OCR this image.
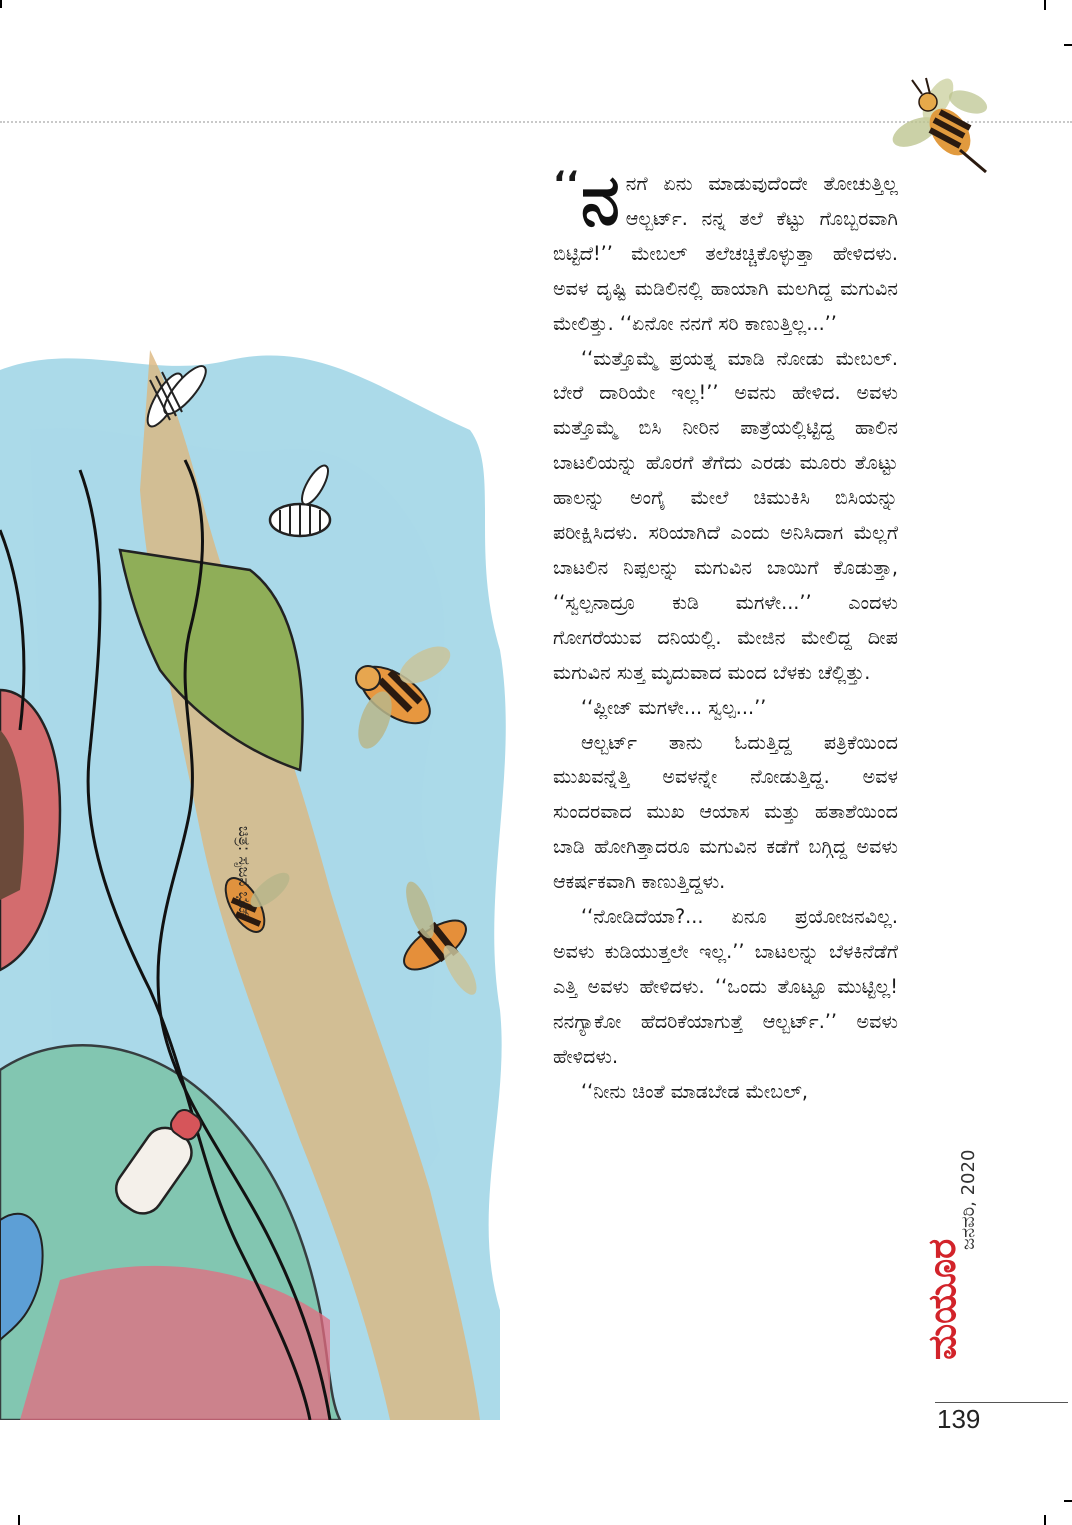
ಚಿತ್ರ: ಸೃಜನ ಭಟ್

‘‘ ನ ನಗೆ ಏನು ಮಾಡುವುದೆಂದೇ ತೋಚುತ್ತಿಲ್ಲ ಆಲ್ಬರ್ಟ್. ನನ್ನ ತಲೆ ಕೆಟ್ಟು ಗೊಬ್ಬರವಾಗಿ ಬಿಟ್ಟಿದೆ!’’ ಮೇಬಲ್ ತಲೆಚಚ್ಚಿಕೊಳ್ಳುತ್ತಾ ಹೇಳಿದಳು. ಅವಳ ದೃಷ್ಟಿ ಮಡಿಲಿನಲ್ಲಿ ಹಾಯಾಗಿ ಮಲಗಿದ್ದ ಮಗುವಿನ ಮೇಲಿತ್ತು. ‘‘ಏನೋ ನನಗೆ ಸರಿ ಕಾಣುತ್ತಿಲ್ಲ...’’

‘‘ಮತ್ತೊಮ್ಮೆ ಪ್ರಯತ್ನ ಮಾಡಿ ನೋಡು ಮೇಬಲ್. ಬೇರೆ ದಾರಿಯೇ ಇಲ್ಲ!’’ ಅವನು ಹೇಳಿದ. ಅವಳು ಮತ್ತೊಮ್ಮೆ ಬಿಸಿ ನೀರಿನ ಪಾತ್ರೆಯಲ್ಲಿಟ್ಟಿದ್ದ ಹಾಲಿನ ಬಾಟಲಿಯನ್ನು ಹೊರಗೆ ತೆಗೆದು ಎರಡು ಮೂರು ತೊಟ್ಟು ಹಾಲನ್ನು ಅಂಗೈ ಮೇಲೆ ಚಿಮುಕಿಸಿ ಬಿಸಿಯನ್ನು ಪರೀಕ್ಷಿಸಿದಳು. ಸರಿಯಾಗಿದೆ ಎಂದು ಅನಿಸಿದಾಗ ಮೆಲ್ಲಗೆ ಬಾಟಲಿನ ನಿಪ್ಪಲನ್ನು ಮಗುವಿನ ಬಾಯಿಗೆ ಕೊಡುತ್ತಾ, ‘‘ಸ್ವಲ್ಪನಾದ್ರೂ ಕುಡಿ ಮಗಳೇ...’’ ಎಂದಳು ಗೋಗರೆಯುವ ದನಿಯಲ್ಲಿ. ಮೇಜಿನ ಮೇಲಿದ್ದ ದೀಪ ಮಗುವಿನ ಸುತ್ತ ಮೃದುವಾದ ಮಂದ ಬೆಳಕು ಚೆಲ್ಲಿತ್ತು.

‘‘ಪ್ಲೀಜ್ ಮಗಳೇ... ಸ್ವಲ್ಪ...’’

ಆಲ್ಬರ್ಟ್ ತಾನು ಓದುತ್ತಿದ್ದ ಪತ್ರಿಕೆಯಿಂದ ಮುಖವನ್ನೆತ್ತಿ ಅವಳನ್ನೇ ನೋಡುತ್ತಿದ್ದ. ಅವಳ ಸುಂದರವಾದ ಮುಖ ಆಯಾಸ ಮತ್ತು ಹತಾಶೆಯಿಂದ ಬಾಡಿ ಹೋಗಿತ್ತಾದರೂ ಮಗುವಿನ ಕಡೆಗೆ ಬಗ್ಗಿದ್ದ ಅವಳು ಆಕರ್ಷಕವಾಗಿ ಕಾಣುತ್ತಿದ್ದಳು.

‘‘ನೋಡಿದೆಯಾ?... ಏನೂ ಪ್ರಯೋಜನವಿಲ್ಲ. ಅವಳು ಕುಡಿಯುತ್ತಲೇ ಇಲ್ಲ.’’ ಬಾಟಲನ್ನು ಬೆಳಕಿನೆಡೆಗೆ ಎತ್ತಿ ಅವಳು ಹೇಳಿದಳು. ‘‘ಒಂದು ತೊಟ್ಟೂ ಮುಟ್ಟಿಲ್ಲ! ನನಗ್ಯಾಕೋ ಹೆದರಿಕೆಯಾಗುತ್ತೆ ಆಲ್ಬರ್ಟ್.’’ ಅವಳು ಹೇಳಿದಳು.

‘‘ನೀನು ಚಿಂತೆ ಮಾಡಬೇಡ ಮೇಬಲ್,

ಮಯೂರ
ಜನವರಿ, 2020
139
